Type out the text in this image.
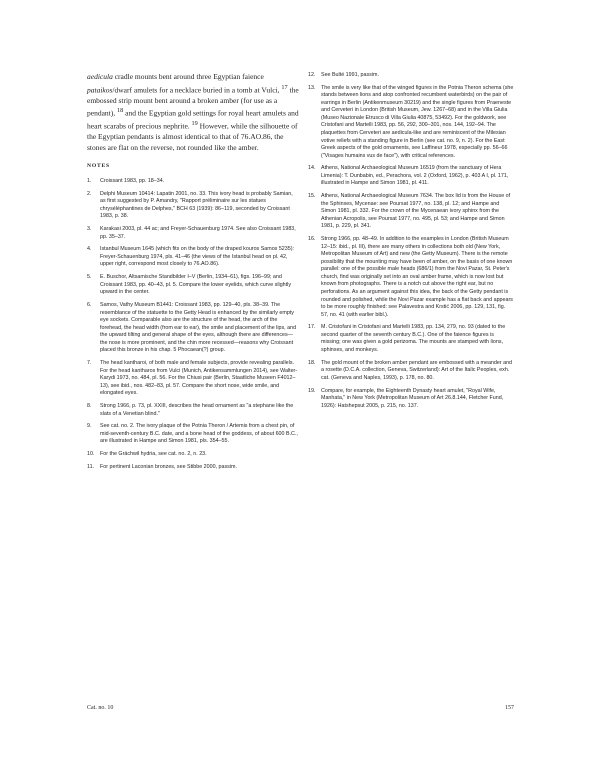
aedicula cradle mounts bent around three Egyptian faience pataikos/dwarf amulets for a necklace buried in a tomb at Vulci, $^{17}$ the embossed strip mount bent around a broken amber (for use as a pendant), $^{18}$ and the Egyptian gold settings for royal heart amulets and heart scarabs of precious nephrite. $^{19}$ However, while the silhouette of the Egyptian pendants is almost identical to that of 76.AO.86, the stones are flat on the reverse, not rounded like the amber.

NOTES
1.	Croissant 1983, pp. 18–34.
2.	Delphi Museum 10414: Lapatin 2001, no. 33. This ivory head is probably Samian, as first suggested by P. Amandry, "Rapport préliminaire sur les statues chryséléphantines de Delphes," BCH 63 (1939): 86–119, seconded by Croissant 1983, p. 38.
3.	Karakasi 2003, pl. 44 ac; and Freyer-Schauenburg 1974. See also Croissant 1983, pp. 35–37.
4.	Istanbul Museum 1645 (which fits on the body of the draped kouros Samos 5235): Freyer-Schauenburg 1974, pls. 41–46 (the views of the Istanbul head on pl. 42, upper right, correspond most closely to 76.AO.86).
5.	E. Buschor, Altsamische Standbilder I–V (Berlin, 1934–61), figs. 196–99; and Croissant 1983, pp. 40–43, pl. 5. Compare the lower eyelids, which curve slightly upward in the center.
6.	Samos, Vathy Museum B1441: Croissant 1983, pp. 129–40, pls. 38–39. The resemblance of the statuette to the Getty Head is enhanced by the similarly empty eye sockets. Comparable also are the structure of the head, the arch of the forehead, the head width (from ear to ear), the smile and placement of the lips, and the upward tilting and general shape of the eyes, although there are differences—the nose is more prominent, and the chin more recessed—reasons why Croissant placed this bronze in his chap. 5 Phocaean(?) group.
7.	The head kantharoi, of both male and female subjects, provide revealing parallels. For the head kantharos from Vulci (Munich, Antikensammlungen 2014), see Walter-Karydi 1973, no. 484, pl. 56. For the Chiusi pair (Berlin, Staatliche Museen F4012–13), see ibid., nos. 482–83, pl. 57. Compare the short nose, wide smile, and elongated eyes.
8.	Strong 1966, p. 73, pl. XXIII, describes the head ornament as "a stephane like the slats of a Venetian blind."
9.	See cat. no. 2. The ivory plaque of the Potnia Theron / Artemis from a chest pin, of mid-seventh-century B.C. date, and a bone head of the goddess, of about 600 B.C., are illustrated in Hampe and Simon 1981, pls. 354–55.
10.	For the Grächwil hydria, see cat. no. 2, n. 23.
11.	For pertinent Laconian bronzes, see Stibbe 2000, passim.
12.	See Bulté 1991, passim.
13.	The smile is very like that of the winged figures in the Potnia Theron schema (she stands between lions and atop confronted recumbent waterbirds) on the pair of earrings in Berlin (Antikenmuseum 30219) and the single figures from Praeneste and Cerveteri in London (British Museum, Jew. 1267–68) and in the Villa Giulia (Museo Nazionale Etrusco di Villa Giulia 40875, 53492). For the goldwork, see Cristofani and Martelli 1983, pp. 56, 292, 300–301, nos. 144, 192–94. The plaquettes from Cerveteri are aedicula-like and are reminiscent of the Milesian votive reliefs with a standing figure in Berlin (see cat. no. 9, n. 2). For the East Greek aspects of the gold ornaments, see Laffineur 1978, especially pp. 56–66 ("Visages humains vus de face"), with critical references.
14.	Athens, National Archaeological Museum 16519 (from the sanctuary of Hera Limenia): T. Dunbabin, ed., Perachora, vol. 2 (Oxford, 1962), p. 403 A I, pl. 171, illustrated in Hampe and Simon 1981, pl. 411.
15.	Athens, National Archaeological Museum 7634. The box lid is from the House of the Sphinxes, Mycenae: see Poursat 1977, no. 138, pl. 12; and Hampe and Simon 1981, pl. 332. For the crown of the Mycenaean ivory sphinx from the Athenian Acropolis, see Poursat 1977, no. 495, pl. 53; and Hampe and Simon 1981, p. 229, pl. 341.
16.	Strong 1966, pp. 48–49. In addition to the examples in London (British Museum 12–15: ibid., pl. III), there are many others in collections both old (New York, Metropolitan Museum of Art) and new (the Getty Museum). There is the remote possibility that the mounting may have been of amber, on the basis of one known parallel: one of the possible male heads (686/1) from the Novi Pazar, St. Peter's church, find was originally set into an oval amber frame, which is now lost but known from photographs. There is a notch cut above the right ear, but no perforations. As an argument against this idea, the back of the Getty pendant is rounded and polished, while the Novi Pazar example has a flat back and appears to be more roughly finished: see Palavestra and Krstić 2006, pp. 129, 131, fig. 57, no. 41 (with earlier bibl.).
17.	M. Cristofani in Cristofani and Martelli 1983, pp. 134, 279, no. 93 (dated to the second quarter of the seventh century B.C.). One of the faience figures is missing; one was given a gold perizoma. The mounts are stamped with lions, sphinxes, and monkeys.
18.	The gold mount of the broken amber pendant are embossed with a meander and a rosette (D.C.A. collection, Geneva, Switzerland): Art of the Italic Peoples, exh. cat. (Geneva and Naples, 1993), p. 178, no. 80.
19.	Compare, for example, the Eighteenth Dynasty heart amulet, "Royal Wife, Manhata," in New York (Metropolitan Museum of Art 26.8.144, Fletcher Fund, 1926): Hatshepsut 2005, p. 215, no. 137.
Cat. no. 10	157
